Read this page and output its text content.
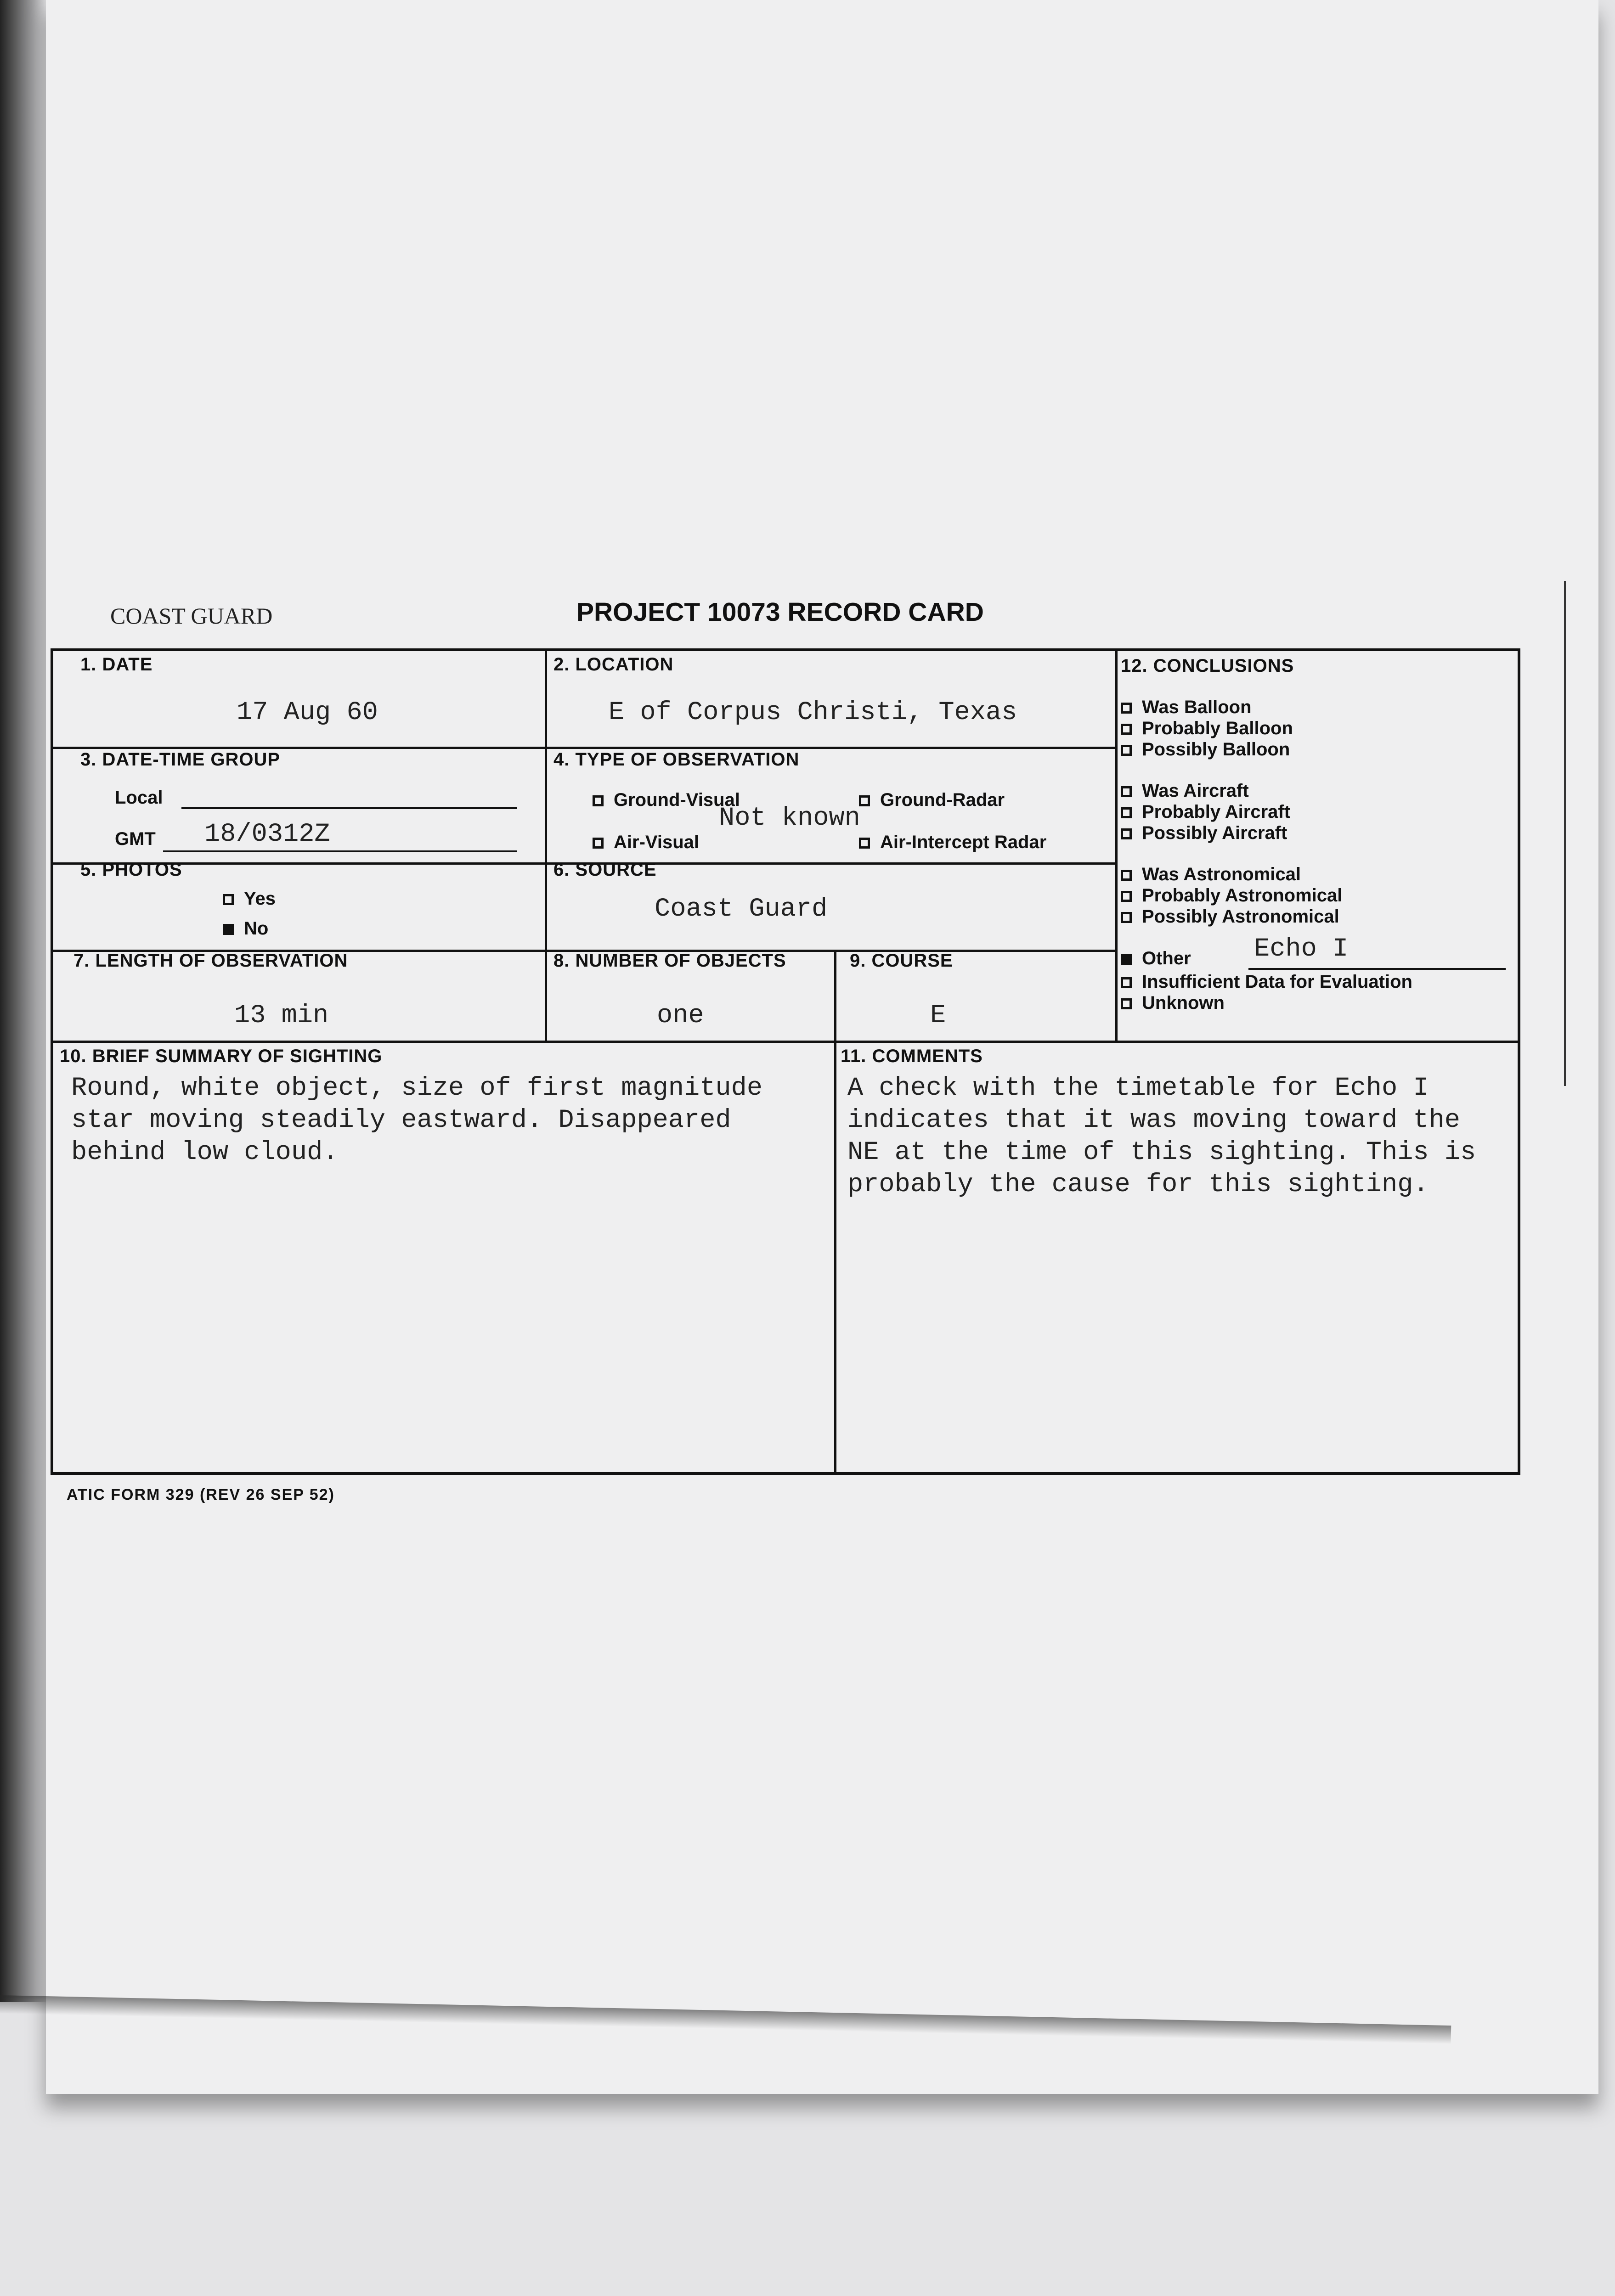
COAST GUARD	PROJECT 10073 RECORD CARD
1. DATE
17 Aug 60
2. LOCATION
E of Corpus Christi, Texas
3. DATE-TIME GROUP
Local
GMT 18/0312Z
4. TYPE OF OBSERVATION
Ground-Visual	Ground-Radar
Air-Visual	Air-Intercept Radar
Not known
5. PHOTOS
Yes
No
6. SOURCE
Coast Guard
7. LENGTH OF OBSERVATION
13 min
8. NUMBER OF OBJECTS
one
9. COURSE
E
12. CONCLUSIONS
Was Balloon
Probably Balloon
Possibly Balloon
Was Aircraft
Probably Aircraft
Possibly Aircraft
Was Astronomical
Probably Astronomical
Possibly Astronomical
Other Echo I
Insufficient Data for Evaluation
Unknown
10. BRIEF SUMMARY OF SIGHTING
Round, white object, size of first magnitude
star moving steadily eastward. Disappeared
behind low cloud.
11. COMMENTS
A check with the timetable for Echo I
indicates that it was moving toward the
NE at the time of this sighting. This is
probably the cause for this sighting.
ATIC FORM 329 (REV 26 SEP 52)
